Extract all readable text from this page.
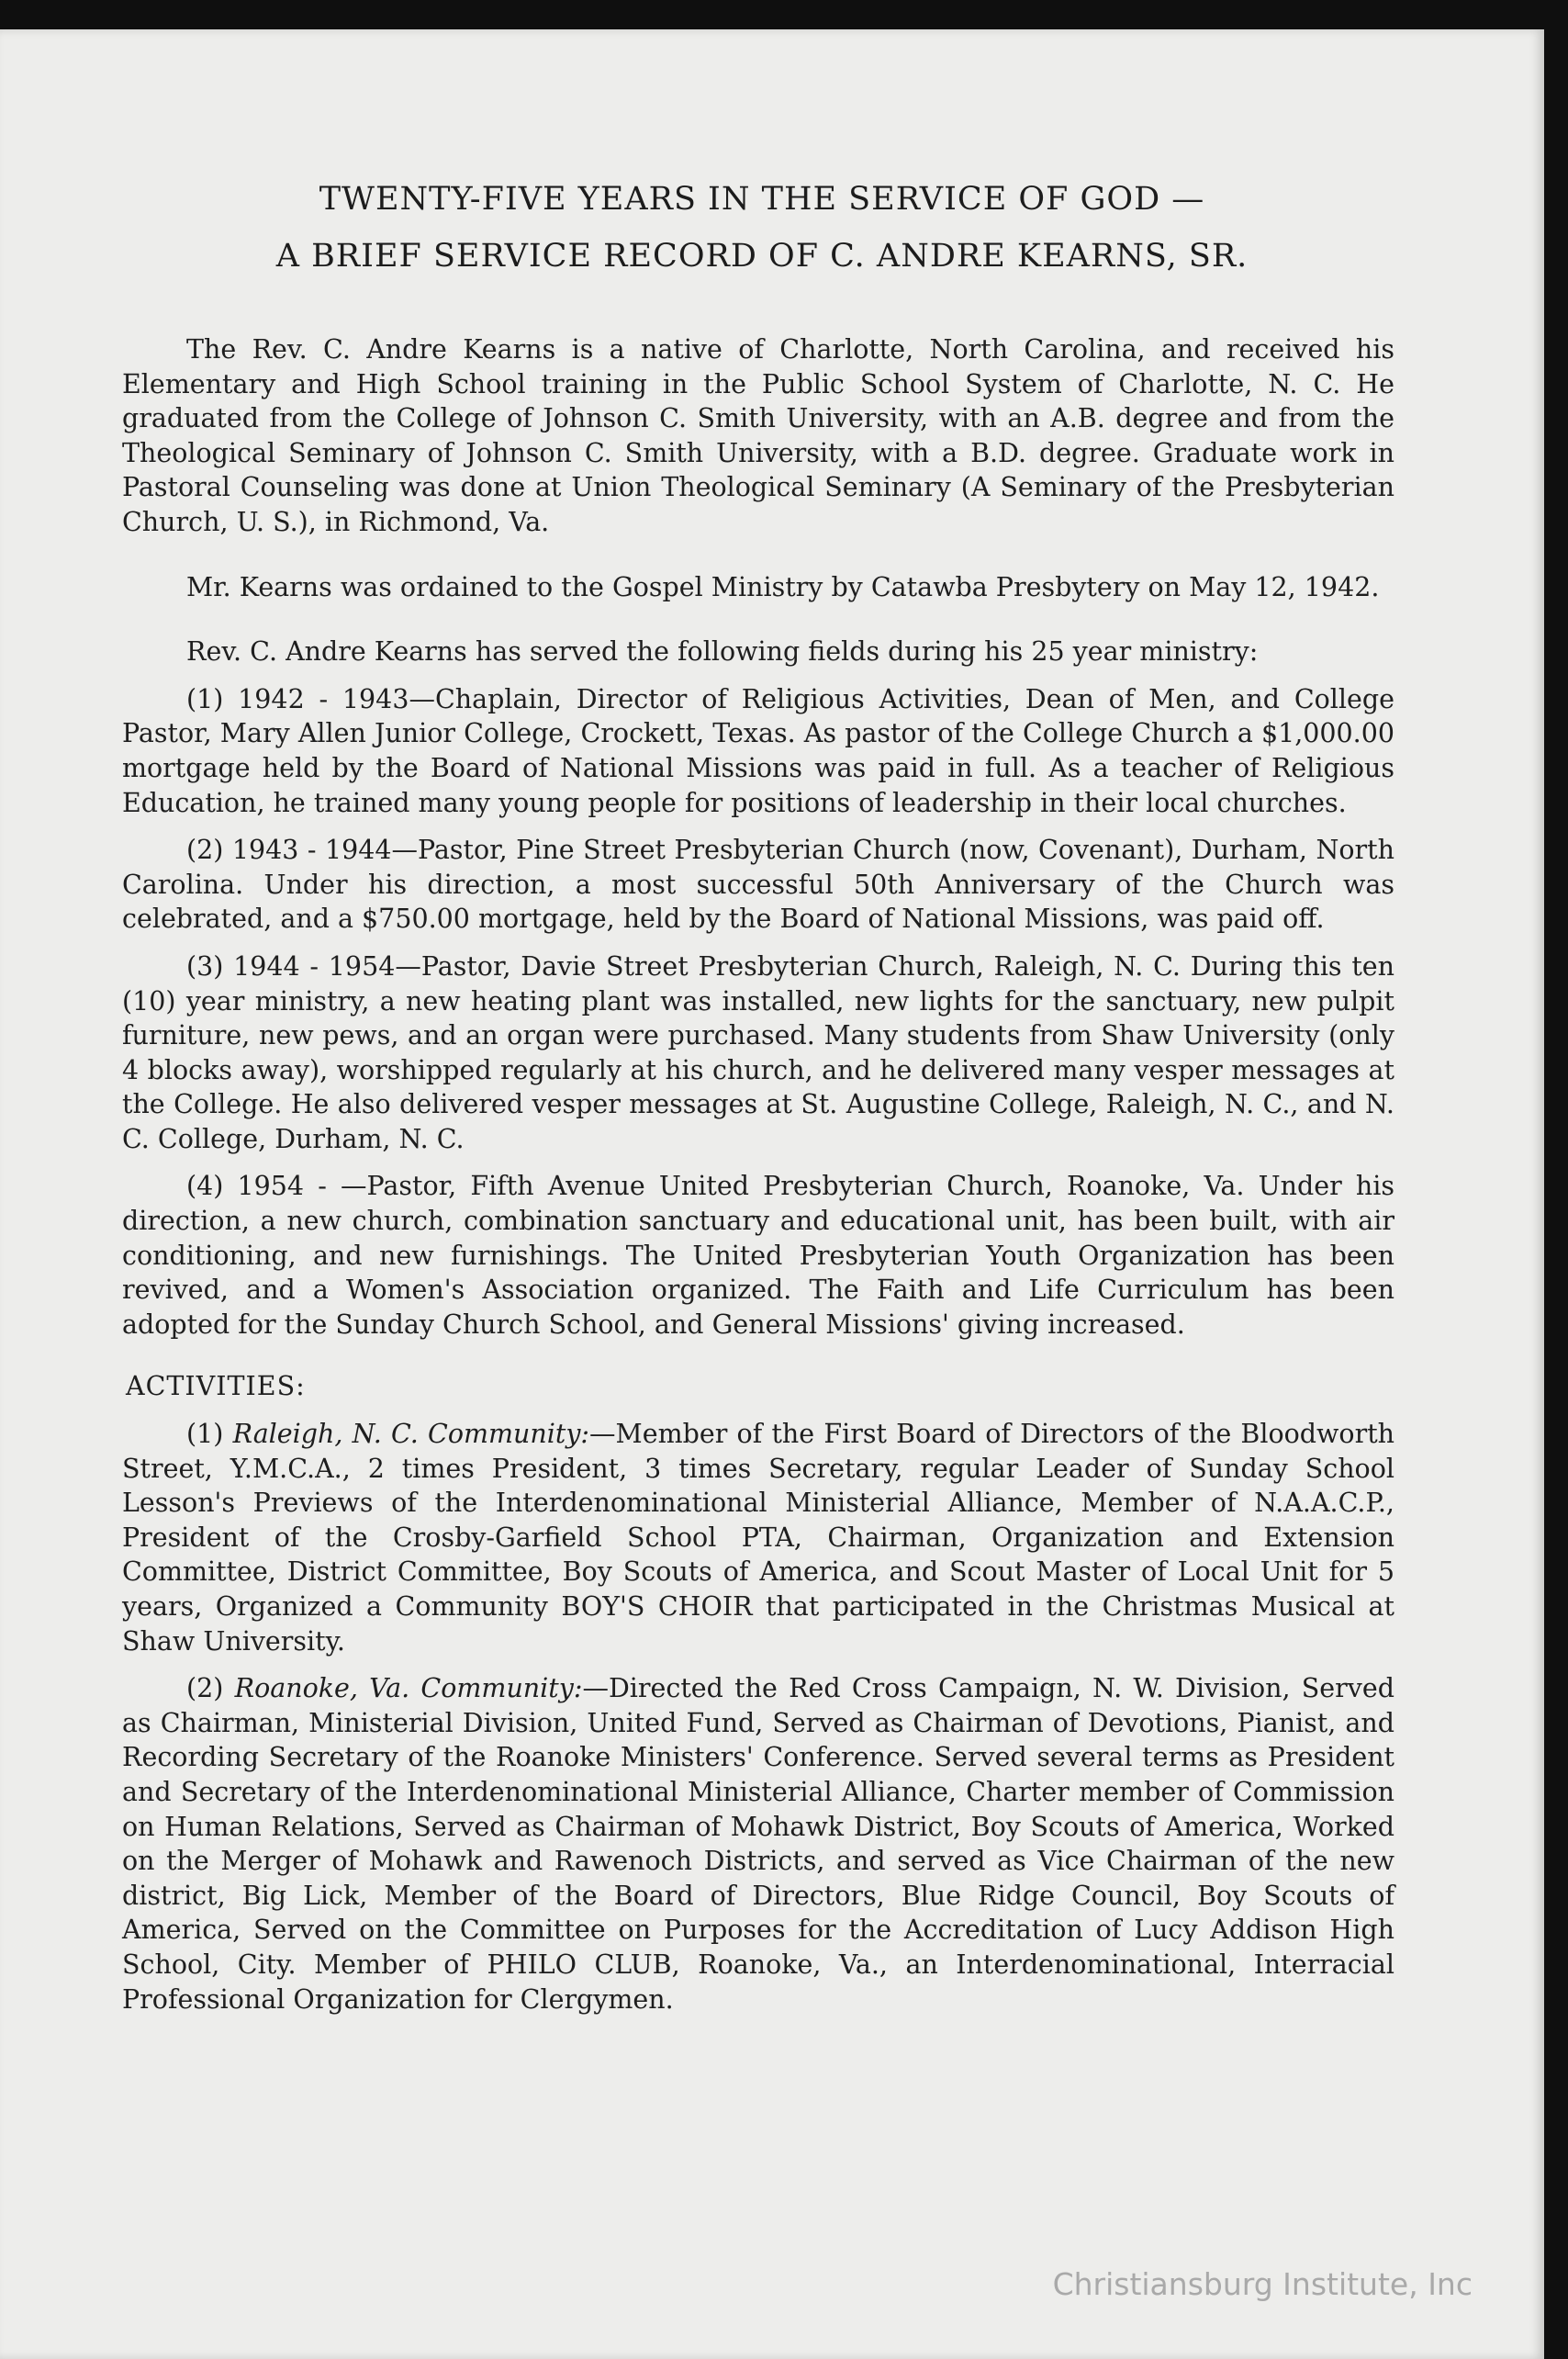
TWENTY-FIVE YEARS IN THE SERVICE OF GOD —
A BRIEF SERVICE RECORD OF C. ANDRE KEARNS, SR.

The Rev. C. Andre Kearns is a native of Charlotte, North Carolina, and received his Elementary and High School training in the Public School System of Charlotte, N. C. He graduated from the College of Johnson C. Smith University, with an A.B. degree and from the Theological Seminary of Johnson C. Smith University, with a B.D. degree. Graduate work in Pastoral Counseling was done at Union Theological Seminary (A Seminary of the Presbyterian Church, U. S.), in Richmond, Va.

Mr. Kearns was ordained to the Gospel Ministry by Catawba Presbytery on May 12, 1942.

Rev. C. Andre Kearns has served the following fields during his 25 year ministry:

(1) 1942 - 1943—Chaplain, Director of Religious Activities, Dean of Men, and College Pastor, Mary Allen Junior College, Crockett, Texas. As pastor of the College Church a $1,000.00 mortgage held by the Board of National Missions was paid in full. As a teacher of Religious Education, he trained many young people for positions of leadership in their local churches.

(2) 1943 - 1944—Pastor, Pine Street Presbyterian Church (now, Covenant), Durham, North Carolina. Under his direction, a most successful 50th Anniversary of the Church was celebrated, and a $750.00 mortgage, held by the Board of National Missions, was paid off.

(3) 1944 - 1954—Pastor, Davie Street Presbyterian Church, Raleigh, N. C. During this ten (10) year ministry, a new heating plant was installed, new lights for the sanctuary, new pulpit furniture, new pews, and an organ were purchased. Many students from Shaw University (only 4 blocks away), worshipped regularly at his church, and he delivered many vesper messages at the College. He also delivered vesper messages at St. Augustine College, Raleigh, N. C., and N. C. College, Durham, N. C.

(4) 1954 - —Pastor, Fifth Avenue United Presbyterian Church, Roanoke, Va. Under his direction, a new church, combination sanctuary and educational unit, has been built, with air conditioning, and new furnishings. The United Presbyterian Youth Organization has been revived, and a Women's Association organized. The Faith and Life Curriculum has been adopted for the Sunday Church School, and General Missions' giving increased.

ACTIVITIES:

(1) Raleigh, N. C. Community:—Member of the First Board of Directors of the Bloodworth Street, Y.M.C.A., 2 times President, 3 times Secretary, regular Leader of Sunday School Lesson's Previews of the Interdenominational Ministerial Alliance, Member of N.A.A.C.P., President of the Crosby-Garfield School PTA, Chairman, Organization and Extension Committee, District Committee, Boy Scouts of America, and Scout Master of Local Unit for 5 years, Organized a Community BOY'S CHOIR that participated in the Christmas Musical at Shaw University.

(2) Roanoke, Va. Community:—Directed the Red Cross Campaign, N. W. Division, Served as Chairman, Ministerial Division, United Fund, Served as Chairman of Devotions, Pianist, and Recording Secretary of the Roanoke Ministers' Conference. Served several terms as President and Secretary of the Interdenominational Ministerial Alliance, Charter member of Commission on Human Relations, Served as Chairman of Mohawk District, Boy Scouts of America, Worked on the Merger of Mohawk and Rawenoch Districts, and served as Vice Chairman of the new district, Big Lick, Member of the Board of Directors, Blue Ridge Council, Boy Scouts of America, Served on the Committee on Purposes for the Accreditation of Lucy Addison High School, City. Member of PHILO CLUB, Roanoke, Va., an Interdenominational, Interracial Professional Organization for Clergymen.

Christiansburg Institute, Inc
